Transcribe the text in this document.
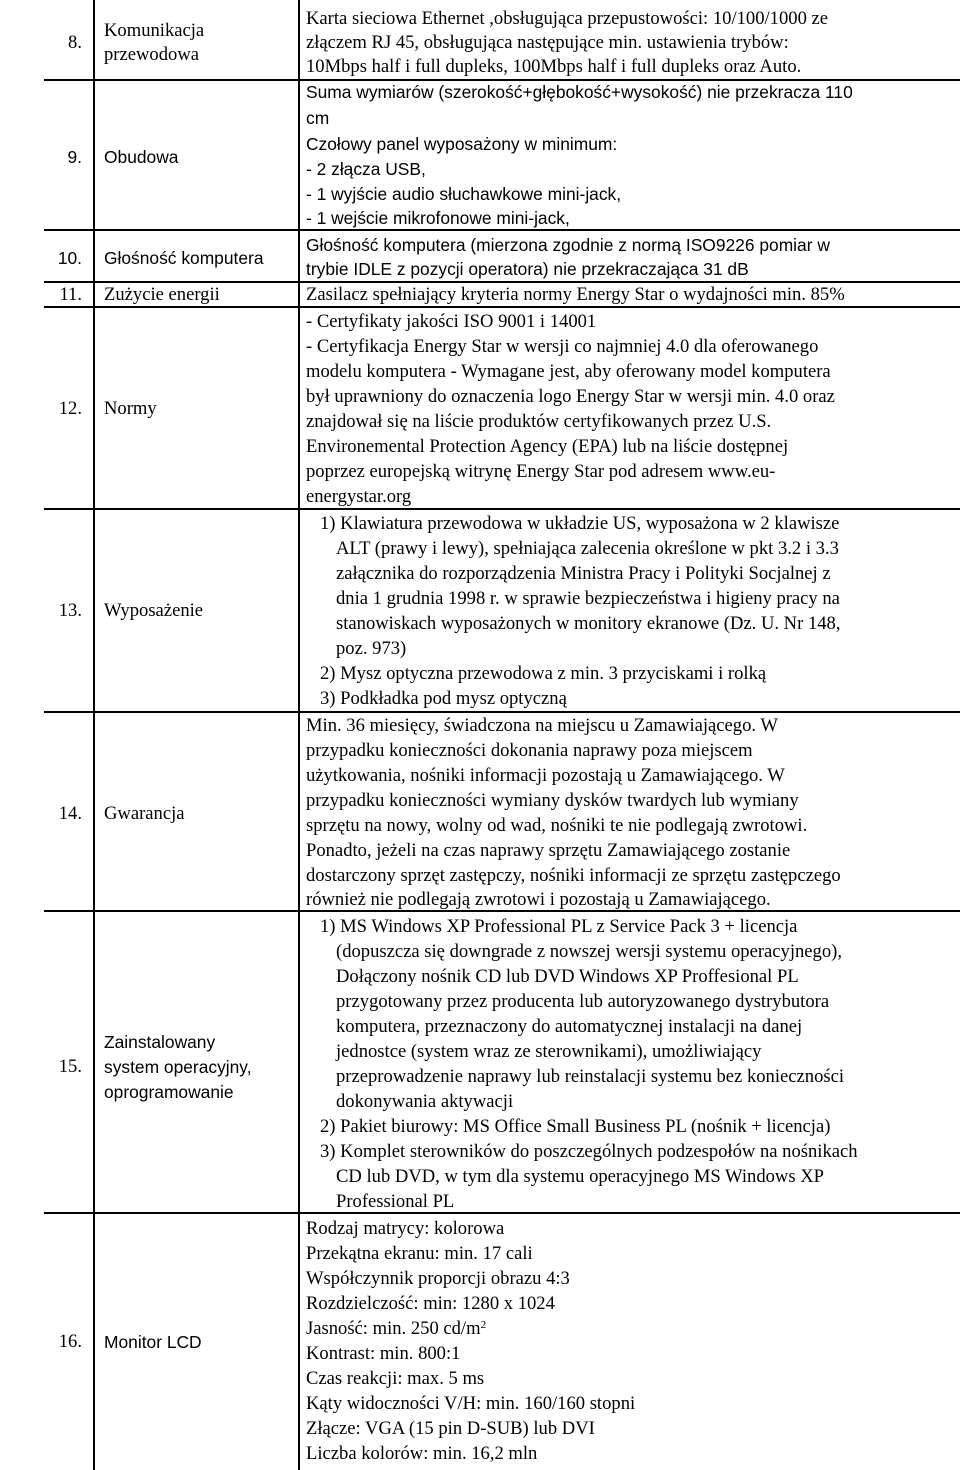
8.
Komunikacja
przewodowa
Karta sieciowa Ethernet ,obsługująca przepustowości: 10/100/1000 ze
złączem RJ 45, obsługująca następujące min. ustawienia trybów:
10Mbps half i full dupleks, 100Mbps half i full dupleks oraz Auto.
9. Obudowa
Suma wymiarów (szerokość+głębokość+wysokość) nie przekracza 110
cm
Czołowy panel wyposażony w minimum:
- 2 złącza USB,
- 1 wyjście audio słuchawkowe mini-jack,
- 1 wejście mikrofonowe mini-jack,
10. Głośność komputera
Głośność komputera (mierzona zgodnie z normą ISO9226 pomiar w
trybie IDLE z pozycji operatora) nie przekraczająca 31 dB
11. Zużycie energii	Zasilacz spełniający kryteria normy Energy Star o wydajności min. 85%
12. Normy
- Certyfikaty jakości ISO 9001 i 14001
- Certyfikacja Energy Star w wersji co najmniej 4.0 dla oferowanego
modelu komputera - Wymagane jest, aby oferowany model komputera
był uprawniony do oznaczenia logo Energy Star w wersji min. 4.0 oraz
znajdował się na liście produktów certyfikowanych przez U.S.
Environemental Protection Agency (EPA) lub na liście dostępnej
poprzez europejską witrynę Energy Star pod adresem www.eu-
energystar.org
13. Wyposażenie
1) Klawiatura przewodowa w układzie US, wyposażona w 2 klawisze
ALT (prawy i lewy), spełniająca zalecenia określone w pkt 3.2 i 3.3
załącznika do rozporządzenia Ministra Pracy i Polityki Socjalnej z
dnia 1 grudnia 1998 r. w sprawie bezpieczeństwa i higieny pracy na
stanowiskach wyposażonych w monitory ekranowe (Dz. U. Nr 148,
poz. 973)
2) Mysz optyczna przewodowa z min. 3 przyciskami i rolką
3) Podkładka pod mysz optyczną
14. Gwarancja
Min. 36 miesięcy, świadczona na miejscu u Zamawiającego. W
przypadku konieczności dokonania naprawy poza miejscem
użytkowania, nośniki informacji pozostają u Zamawiającego. W
przypadku konieczności wymiany dysków twardych lub wymiany
sprzętu na nowy, wolny od wad, nośniki te nie podlegają zwrotowi.
Ponadto, jeżeli na czas naprawy sprzętu Zamawiającego zostanie
dostarczony sprzęt zastępczy, nośniki informacji ze sprzętu zastępczego
również nie podlegają zwrotowi i pozostają u Zamawiającego.
15.
Zainstalowany
system operacyjny,
oprogramowanie
1) MS Windows XP Professional PL z Service Pack 3 + licencja
(dopuszcza się downgrade z nowszej wersji systemu operacyjnego),
Dołączony nośnik CD lub DVD Windows XP Proffesional PL
przygotowany przez producenta lub autoryzowanego dystrybutora
komputera, przeznaczony do automatycznej instalacji na danej
jednostce (system wraz ze sterownikami), umożliwiający
przeprowadzenie naprawy lub reinstalacji systemu bez konieczności
dokonywania aktywacji
2) Pakiet biurowy: MS Office Small Business PL (nośnik + licencja)
3) Komplet sterowników do poszczególnych podzespołów na nośnikach
CD lub DVD, w tym dla systemu operacyjnego MS Windows XP
Professional PL
16. Monitor LCD
Rodzaj matrycy: kolorowa
Przekątna ekranu: min. 17 cali
Współczynnik proporcji obrazu 4:3
Rozdzielczość: min: 1280 x 1024
Jasność: min. 250 $cd/m^2$
Kontrast: min. 800:1
Czas reakcji: max. 5 ms
Kąty widoczności V/H: min. 160/160 stopni
Złącze: VGA (15 pin D-SUB) lub DVI
Liczba kolorów: min. 16,2 mln
